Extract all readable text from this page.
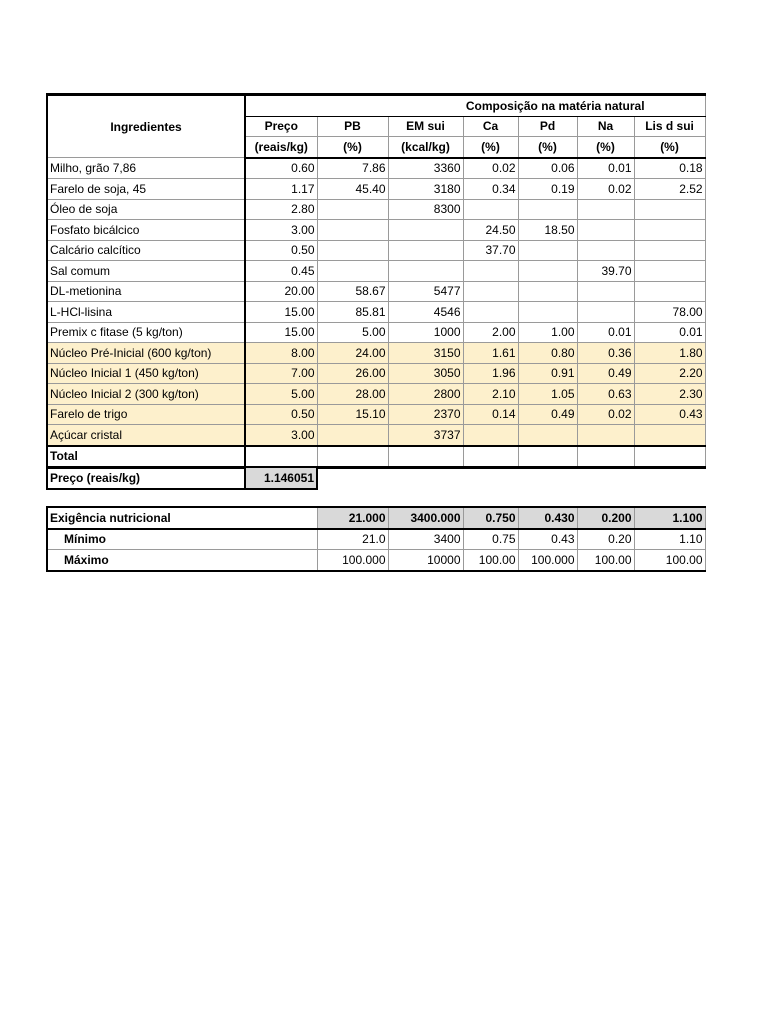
Ingredientes	Composição na matéria natural						
	Preço	PB	EM sui	Ca	Pd	Na	Lis d sui
	(reais/kg)	(%)	(kcal/kg)	(%)	(%)	(%)	(%)
Milho, grão 7,86	0.60	7.86	3360	0.02	0.06	0.01	0.18
Farelo de soja, 45	1.17	45.40	3180	0.34	0.19	0.02	2.52
Óleo de soja	2.80		8300				
Fosfato bicálcico	3.00			24.50	18.50		
Calcário calcítico	0.50			37.70			
Sal comum	0.45					39.70	
DL-metionina	20.00	58.67	5477				
L-HCl-lisina	15.00	85.81	4546				78.00
Premix c fitase (5 kg/ton)	15.00	5.00	1000	2.00	1.00	0.01	0.01
Núcleo Pré-Inicial (600 kg/ton)	8.00	24.00	3150	1.61	0.80	0.36	1.80
Núcleo Inicial 1 (450 kg/ton)	7.00	26.00	3050	1.96	0.91	0.49	2.20
Núcleo Inicial 2 (300 kg/ton)	5.00	28.00	2800	2.10	1.05	0.63	2.30
Farelo de trigo	0.50	15.10	2370	0.14	0.49	0.02	0.43
Açúcar cristal	3.00		3737				
Total							
Preço (reais/kg)	1.146051
Exigência nutricional	21.000	3400.000	0.750	0.430	0.200	1.100
Mínimo	21.0	3400	0.75	0.43	0.20	1.10
Máximo	100.000	10000	100.00	100.000	100.00	100.00
